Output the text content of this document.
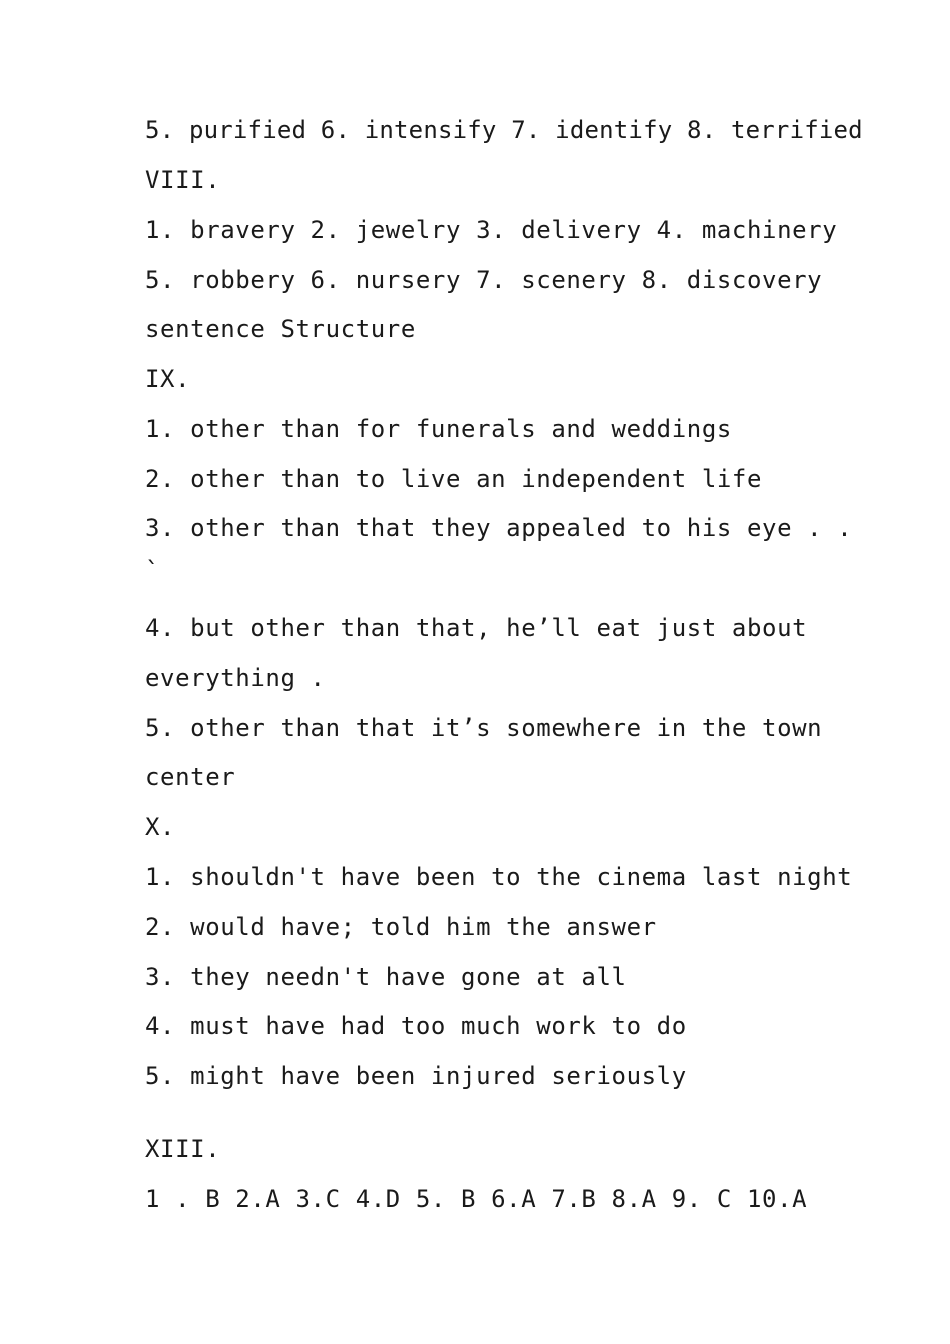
5. purified 6. intensify 7. identify 8. terrified

VIII.

1. bravery 2. jewelry 3. delivery 4. machinery

5. robbery 6. nursery 7. scenery 8. discovery

sentence Structure

IX.

1. other than for funerals and weddings

2. other than to live an independent life

3. other than that they appealed to his eye . .

`

4. but other than that, he’ll eat just about

everything .

5. other than that it’s somewhere in the town

center

X.

1. shouldn't have been to the cinema last night

2. would have; told him the answer

3. they needn't have gone at all

4. must have had too much work to do

5. might have been injured seriously

XIII.

1 . B 2.A 3.C 4.D 5. B 6.A 7.B 8.A 9. C 10.A
